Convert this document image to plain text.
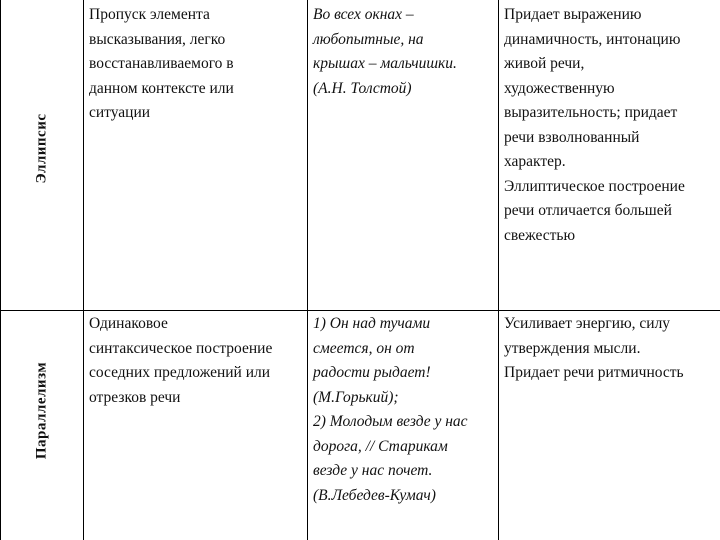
Эллипсис

Пропуск элемента

высказывания, легко

восстанавливаемого в

данном контексте или

ситуации

Во всех окнах –

любопытные, на

крышах – мальчишки.

(А.Н. Толстой)

Придает выражению

динамичность, интонацию

живой речи,

художественную

выразительность; придает

речи взволнованный

характер.

Эллиптическое построение

речи отличается большей

свежестью

Параллелизм

Одинаковое

синтаксическое построение

соседних предложений или

отрезков речи

1) Он над тучами

смеется, он от

радости рыдает!

(М.Горький);

2) Молодым везде у нас

дорога, // Старикам

везде у нас почет.

(В.Лебедев-Кумач)

Усиливает энергию, силу

утверждения мысли.

Придает речи ритмичность
